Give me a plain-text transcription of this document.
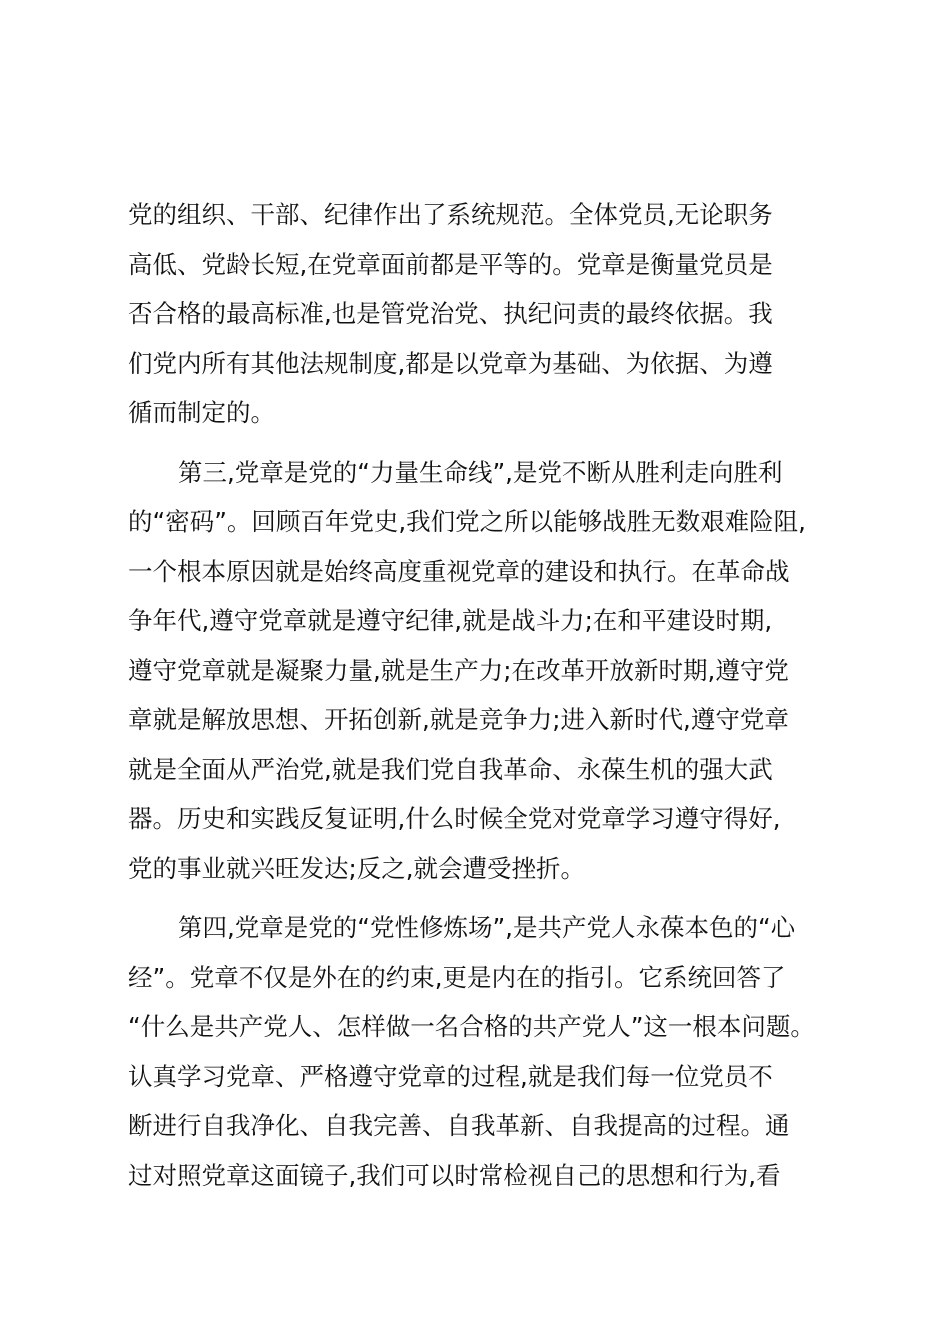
党的组织、干部、纪律作出了系统规范。全体党员,无论职务
高低、党龄长短,在党章面前都是平等的。党章是衡量党员是
否合格的最高标准,也是管党治党、执纪问责的最终依据。我
们党内所有其他法规制度,都是以党章为基础、为依据、为遵
循而制定的。
第三,党章是党的“力量生命线”,是党不断从胜利走向胜利
的“密码”。回顾百年党史,我们党之所以能够战胜无数艰难险阻,
一个根本原因就是始终高度重视党章的建设和执行。在革命战
争年代,遵守党章就是遵守纪律,就是战斗力;在和平建设时期,
遵守党章就是凝聚力量,就是生产力;在改革开放新时期,遵守党
章就是解放思想、开拓创新,就是竞争力;进入新时代,遵守党章
就是全面从严治党,就是我们党自我革命、永葆生机的强大武
器。历史和实践反复证明,什么时候全党对党章学习遵守得好,
党的事业就兴旺发达;反之,就会遭受挫折。
第四,党章是党的“党性修炼场”,是共产党人永葆本色的“心
经”。党章不仅是外在的约束,更是内在的指引。它系统回答了
“什么是共产党人、怎样做一名合格的共产党人”这一根本问题。
认真学习党章、严格遵守党章的过程,就是我们每一位党员不
断进行自我净化、自我完善、自我革新、自我提高的过程。通
过对照党章这面镜子,我们可以时常检视自己的思想和行为,看
